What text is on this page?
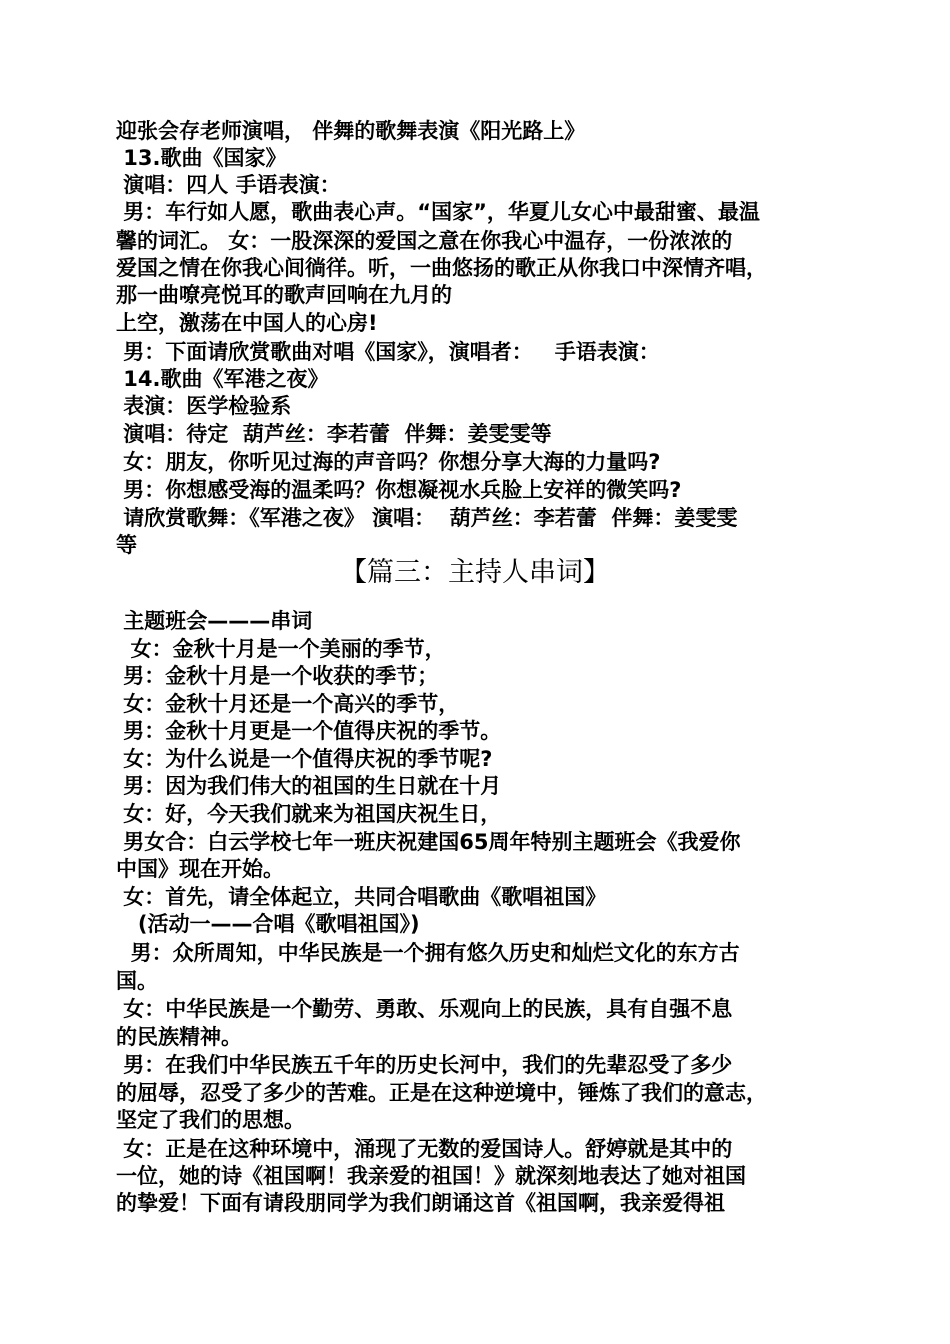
【篇三：主持人串词】
迎张会存老师演唱， 伴舞的歌舞表演《阳光路上》
13.歌曲《国家》
演唱：四人 手语表演：
男：车行如人愿，歌曲表心声。“国家”，华夏儿女心中最甜蜜、最温
馨的词汇。 女：一股深深的爱国之意在你我心中温存，一份浓浓的
爱国之情在你我心间徜徉。听，一曲悠扬的歌正从你我口中深情齐唱，
那一曲嘹亮悦耳的歌声回响在九月的
上空，激荡在中国人的心房!
男：下面请欣赏歌曲对唱《国家》，演唱者：   手语表演：
14.歌曲《军港之夜》
表演：医学检验系
演唱：待定  葫芦丝：李若蕾  伴舞：姜雯雯等
女：朋友，你听见过海的声音吗？你想分享大海的力量吗?
男：你想感受海的温柔吗？你想凝视水兵脸上安祥的微笑吗?
请欣赏歌舞：《军港之夜》 演唱：  葫芦丝：李若蕾  伴舞：姜雯雯
等
主题班会———串词
女：金秋十月是一个美丽的季节，
男：金秋十月是一个收获的季节；
女：金秋十月还是一个高兴的季节，
男：金秋十月更是一个值得庆祝的季节。
女：为什么说是一个值得庆祝的季节呢?
男：因为我们伟大的祖国的生日就在十月
女：好，今天我们就来为祖国庆祝生日，
男女合：白云学校七年一班庆祝建国65周年特别主题班会《我爱你
中国》现在开始。
女：首先，请全体起立，共同合唱歌曲《歌唱祖国》
(活动一——合唱《歌唱祖国》)
男：众所周知，中华民族是一个拥有悠久历史和灿烂文化的东方古
国。
女：中华民族是一个勤劳、勇敢、乐观向上的民族，具有自强不息
的民族精神。
男：在我们中华民族五千年的历史长河中，我们的先辈忍受了多少
的屈辱，忍受了多少的苦难。正是在这种逆境中，锤炼了我们的意志，
坚定了我们的思想。
女：正是在这种环境中，涌现了无数的爱国诗人。舒婷就是其中的
一位，她的诗《祖国啊！我亲爱的祖国！》就深刻地表达了她对祖国
的挚爱！下面有请段朋同学为我们朗诵这首《祖国啊，我亲爱得祖
